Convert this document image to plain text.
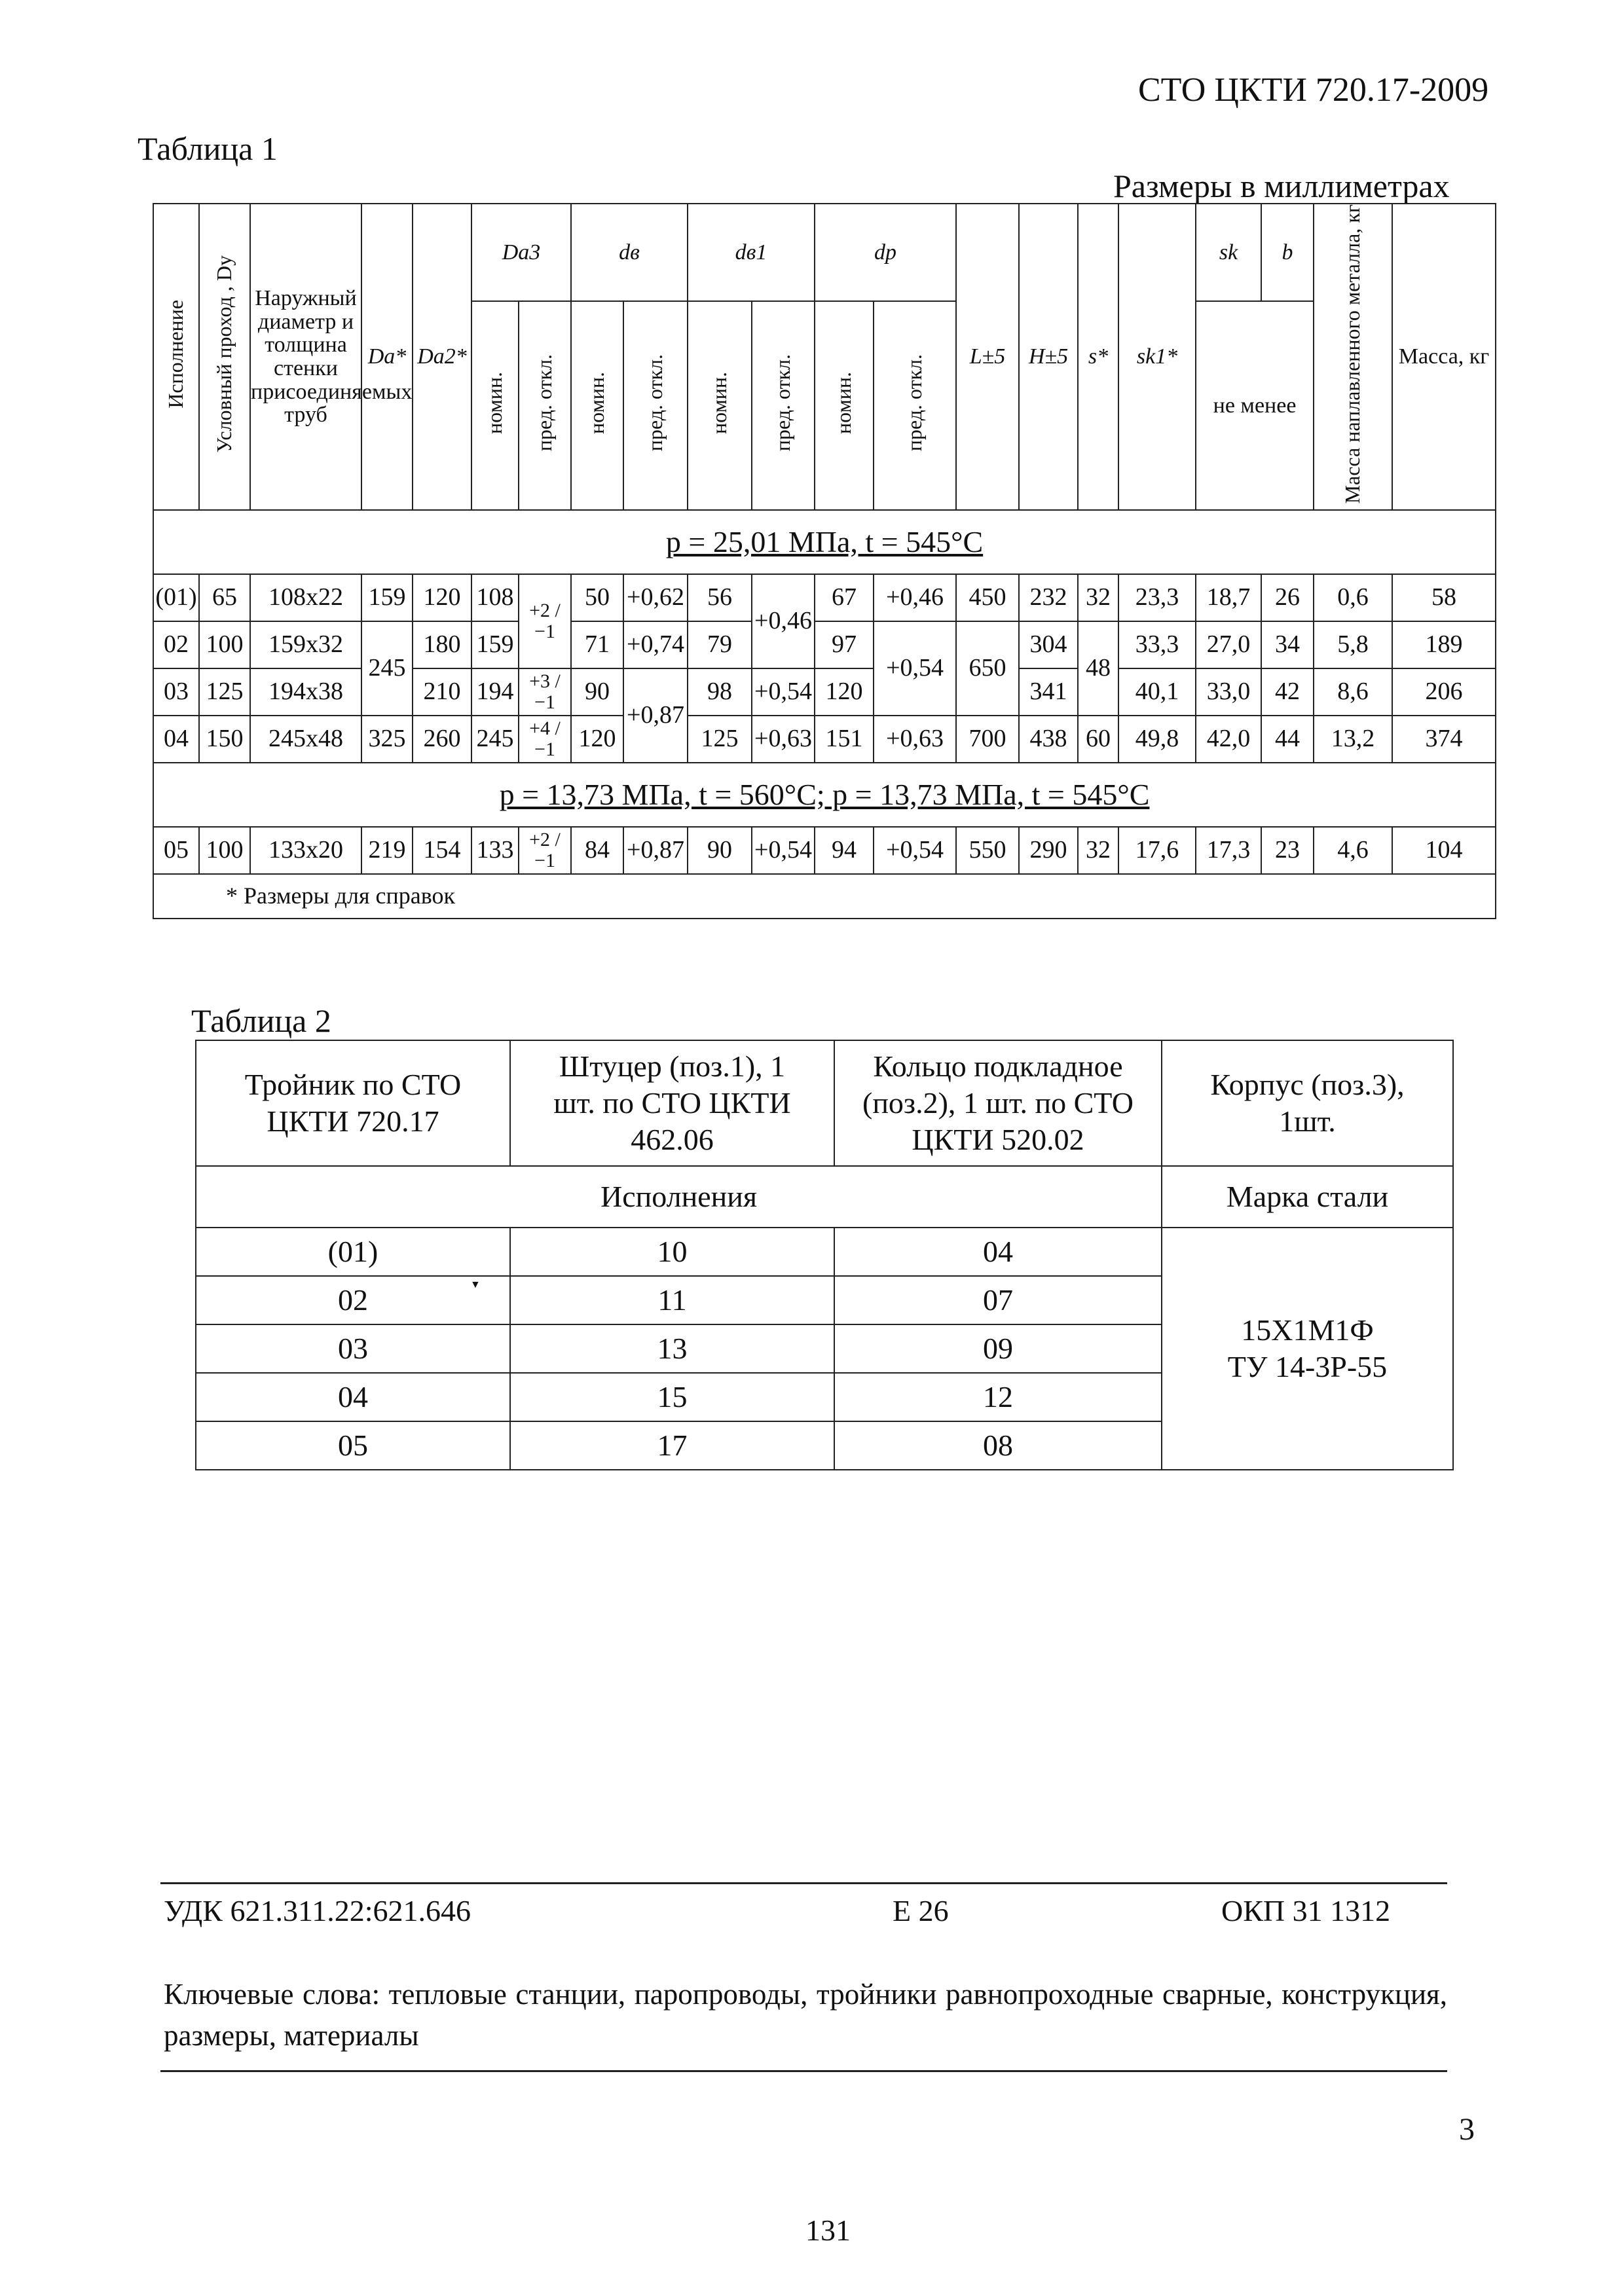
СТО ЦКТИ 720.17-2009
Таблица 1
Размеры в миллиметрах
Исполнение	Условный проход , Dу	Наружный диаметр и толщина стенки присоединяемых труб	Dа*	Dа2*	Dа3		dв		dв1		dр		L±5	H±5	s*	sk1*	sk	b	Масса наплавленного металла, кг	Масса, кг
					номин.	пред. откл.	номин.	пред. откл.	номин.	пред. откл.	номин.	пред. откл.					не менее			
p = 25,01 МПа, t = 545°С																				
(01)	65	108x22	159	120	108	+2 / −1	50	+0,62	56	+0,46	67	+0,46	450	232	32	23,3	18,7	26	0,6	58
02	100	159x32	245	180	159		71	+0,74	79		97	+0,54	650	304	48	33,3	27,0	34	5,8	189
03	125	194x38		210	194	+3 / −1	90	+0,87	98	+0,54	120			341		40,1	33,0	42	8,6	206
04	150	245x48	325	260	245	+4 / −1	120		125	+0,63	151	+0,63	700	438	60	49,8	42,0	44	13,2	374
p = 13,73 МПа, t = 560°С; p = 13,73 МПа, t = 545°С																				
05	100	133x20	219	154	133	+2 / −1	84	+0,87	90	+0,54	94	+0,54	550	290	32	17,6	17,3	23	4,6	104
* Размеры для справок																				
Таблица 2
Тройник по СТО ЦКТИ 720.17	Штуцер (поз.1), 1 шт. по СТО ЦКТИ 462.06	Кольцо подкладное (поз.2), 1 шт. по СТО ЦКТИ 520.02	Корпус (поз.3), 1шт.
Исполнения			Марка стали
(01)	10	04	15Х1М1Ф
ТУ 14-3Р-55

02	11	07	
03	13	09	
04	15	12	
05	17	08	
▼
УДК 621.311.22:621.646	Е 26	ОКП 31 1312
Ключевые слова: тепловые станции, паропроводы, тройники равнопроходные сварные, конструкция, размеры, материалы
3
131
